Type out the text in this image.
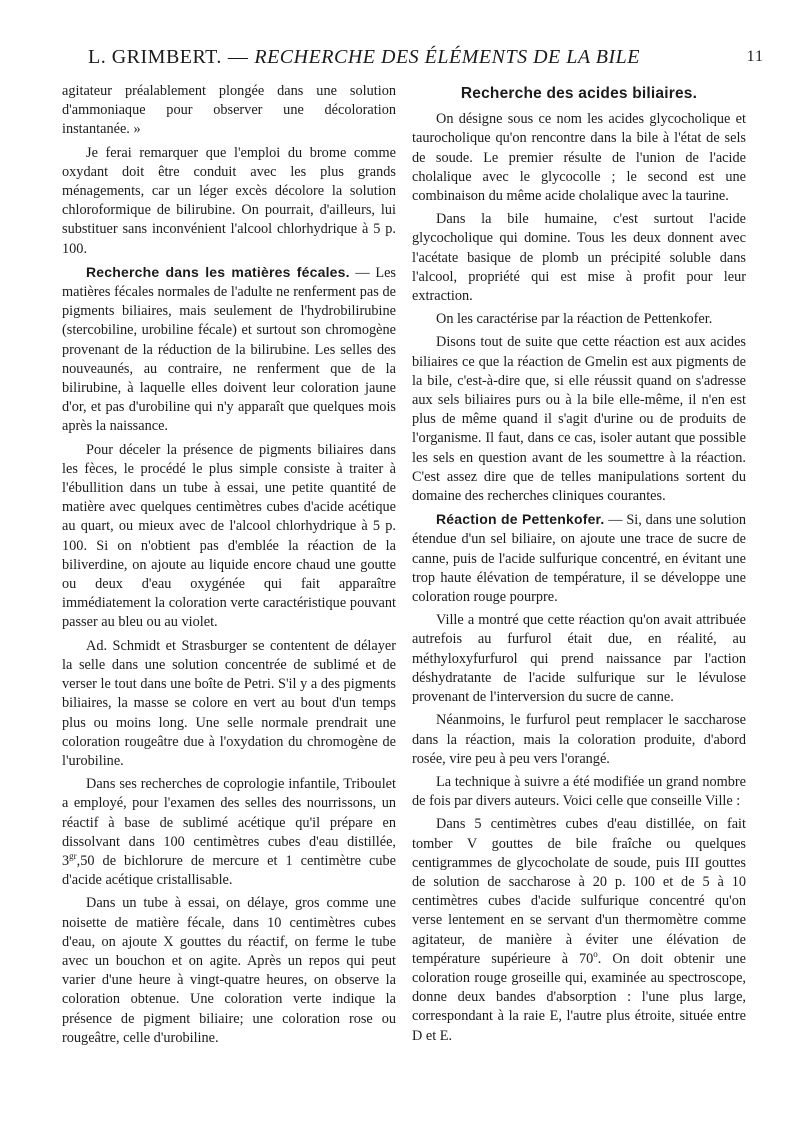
L. GRIMBERT. — RECHERCHE DES ÉLÉMENTS DE LA BILE	11

agitateur préalablement plongée dans une solution d'ammoniaque pour observer une décoloration instantanée. »

Je ferai remarquer que l'emploi du brome comme oxydant doit être conduit avec les plus grands ménagements, car un léger excès décolore la solution chloroformique de bilirubine. On pourrait, d'ailleurs, lui substituer sans inconvénient l'alcool chlorhydrique à 5 p. 100.

Recherche dans les matières fécales. — Les matières fécales normales de l'adulte ne renferment pas de pigments biliaires, mais seulement de l'hydrobilirubine (stercobiline, urobiline fécale) et surtout son chromogène provenant de la réduction de la bilirubine. Les selles des nouveaunés, au contraire, ne renferment que de la bilirubine, à laquelle elles doivent leur coloration jaune d'or, et pas d'urobiline qui n'y apparaît que quelques mois après la naissance.

Pour déceler la présence de pigments biliaires dans les fèces, le procédé le plus simple consiste à traiter à l'ébullition dans un tube à essai, une petite quantité de matière avec quelques centimètres cubes d'acide acétique au quart, ou mieux avec de l'alcool chlorhydrique à 5 p. 100. Si on n'obtient pas d'emblée la réaction de la biliverdine, on ajoute au liquide encore chaud une goutte ou deux d'eau oxygénée qui fait apparaître immédiatement la coloration verte caractéristique pouvant passer au bleu ou au violet.

Ad. Schmidt et Strasburger se contentent de délayer la selle dans une solution concentrée de sublimé et de verser le tout dans une boîte de Petri. S'il y a des pigments biliaires, la masse se colore en vert au bout d'un temps plus ou moins long. Une selle normale prendrait une coloration rougeâtre due à l'oxydation du chromogène de l'urobiline.

Dans ses recherches de coprologie infantile, Triboulet a employé, pour l'examen des selles des nourrissons, un réactif à base de sublimé acétique qu'il prépare en dissolvant dans 100 centimètres cubes d'eau distillée, $3^{gr},50$ de bichlorure de mercure et 1 centimètre cube d'acide acétique cristallisable.

Dans un tube à essai, on délaye, gros comme une noisette de matière fécale, dans 10 centimètres cubes d'eau, on ajoute X gouttes du réactif, on ferme le tube avec un bouchon et on agite. Après un repos qui peut varier d'une heure à vingt-quatre heures, on observe la coloration obtenue. Une coloration verte indique la présence de pigment biliaire; une coloration rose ou rougeâtre, celle d'urobiline.

Recherche des acides biliaires.

On désigne sous ce nom les acides glycocholique et taurocholique qu'on rencontre dans la bile à l'état de sels de soude. Le premier résulte de l'union de l'acide cholalique avec le glycocolle ; le second est une combinaison du même acide cholalique avec la taurine.

Dans la bile humaine, c'est surtout l'acide glycocholique qui domine. Tous les deux donnent avec l'acétate basique de plomb un précipité soluble dans l'alcool, propriété qui est mise à profit pour leur extraction.

On les caractérise par la réaction de Pettenkofer.

Disons tout de suite que cette réaction est aux acides biliaires ce que la réaction de Gmelin est aux pigments de la bile, c'est-à-dire que, si elle réussit quand on s'adresse aux sels biliaires purs ou à la bile elle-même, il n'en est plus de même quand il s'agit d'urine ou de produits de l'organisme. Il faut, dans ce cas, isoler autant que possible les sels en question avant de les soumettre à la réaction. C'est assez dire que de telles manipulations sortent du domaine des recherches cliniques courantes.

Réaction de Pettenkofer. — Si, dans une solution étendue d'un sel biliaire, on ajoute une trace de sucre de canne, puis de l'acide sulfurique concentré, en évitant une trop haute élévation de température, il se développe une coloration rouge pourpre.

Ville a montré que cette réaction qu'on avait attribuée autrefois au furfurol était due, en réalité, au méthyloxyfurfurol qui prend naissance par l'action déshydratante de l'acide sulfurique sur le lévulose provenant de l'interversion du sucre de canne.

Néanmoins, le furfurol peut remplacer le saccharose dans la réaction, mais la coloration produite, d'abord rosée, vire peu à peu vers l'orangé.

La technique à suivre a été modifiée un grand nombre de fois par divers auteurs. Voici celle que conseille Ville :

Dans 5 centimètres cubes d'eau distillée, on fait tomber V gouttes de bile fraîche ou quelques centigrammes de glycocholate de soude, puis III gouttes de solution de saccharose à 20 p. 100 et de 5 à 10 centimètres cubes d'acide sulfurique concentré qu'on verse lentement en se servant d'un thermomètre comme agitateur, de manière à éviter une élévation de température supérieure à 70$^o$. On doit obtenir une coloration rouge groseille qui, examinée au spectroscope, donne deux bandes d'absorption : l'une plus large, correspondant à la raie E, l'autre plus étroite, située entre D et E.
